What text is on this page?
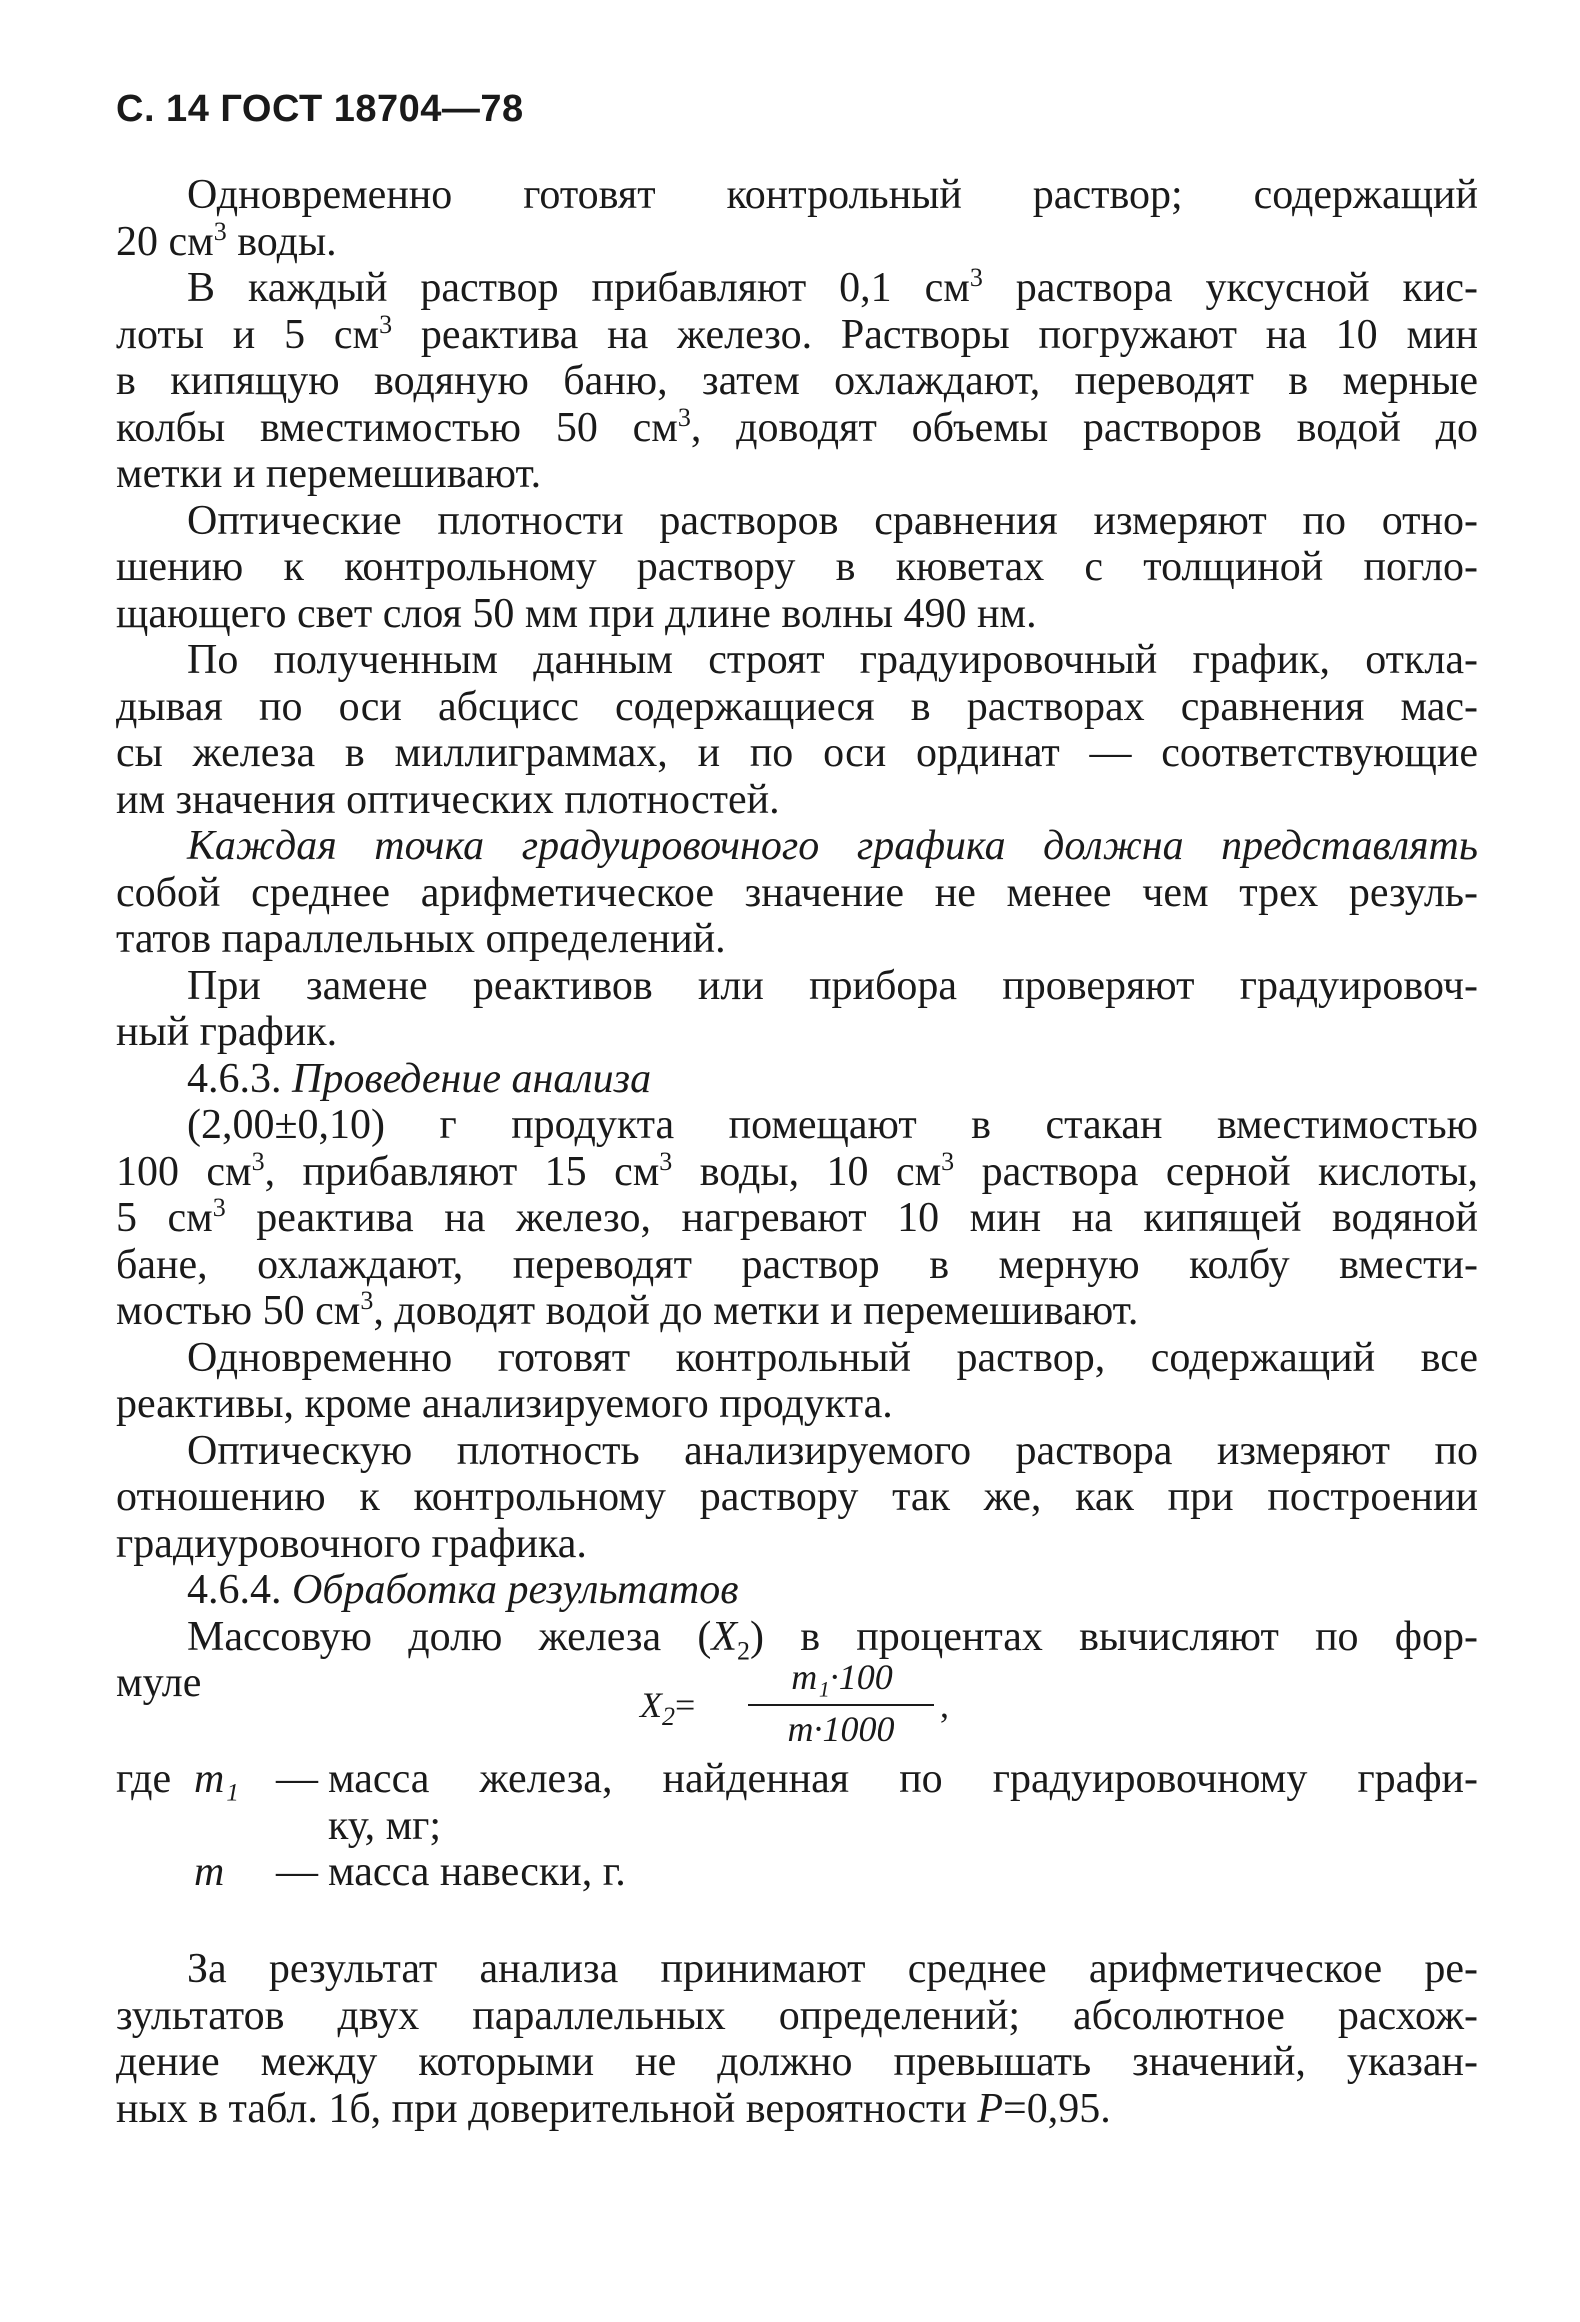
С. 14 ГОСТ 18704—78
Одновременно готовят контрольный раствор; содержащий
20 $см^3$ воды.
В каждый раствор прибавляют 0,1 $см^3$ раствора уксусной кис-
лоты и 5 $см^3$ реактива на железо. Растворы погружают на 10 мин
в кипящую водяную баню, затем охлаждают, переводят в мерные
колбы вместимостью 50 $см^3$, доводят объемы растворов водой до
метки и перемешивают.
Оптические плотности растворов сравнения измеряют по отно-
шению к контрольному раствору в кюветах с толщиной погло-
щающего свет слоя 50 мм при длине волны 490 нм.
По полученным данным строят градуировочный график, откла-
дывая по оси абсцисс содержащиеся в растворах сравнения мас-
сы железа в миллиграммах, и по оси ординат — соответствующие
им значения оптических плотностей.
Каждая точка градуировочного графика должна представлять
собой среднее арифметическое значение не менее чем трех резуль-
татов параллельных определений.
При замене реактивов или прибора проверяют градуировоч-
ный график.
4.6.3. Проведение анализа
(2,00±0,10) г продукта помещают в стакан вместимостью
100 $см^3$, прибавляют 15 $см^3$ воды, 10 $см^3$ раствора серной кислоты,
5 $см^3$ реактива на железо, нагревают 10 мин на кипящей водяной
бане, охлаждают, переводят раствор в мерную колбу вмести-
мостью 50 $см^3$, доводят водой до метки и перемешивают.
Одновременно готовят контрольный раствор, содержащий все
реактивы, кроме анализируемого продукта.
Оптическую плотность анализируемого раствора измеряют по
отношению к контрольному раствору так же, как при построении
градиуровочного графика.
4.6.4. Обработка результатов
Массовую долю железа $(X_2)$ в процентах вычисляют по фор-
муле	$X_2=$
m₁·100
m·1000
,
где m₁ — масса железа, найденная по градуировочному графи-
ку, мг;
m — масса навески, г.
За результат анализа принимают среднее арифметическое ре-
зультатов двух параллельных определений; абсолютное расхож-
дение между которыми не должно превышать значений, указан-
ных в табл. 1б, при доверительной вероятности P=0,95.
